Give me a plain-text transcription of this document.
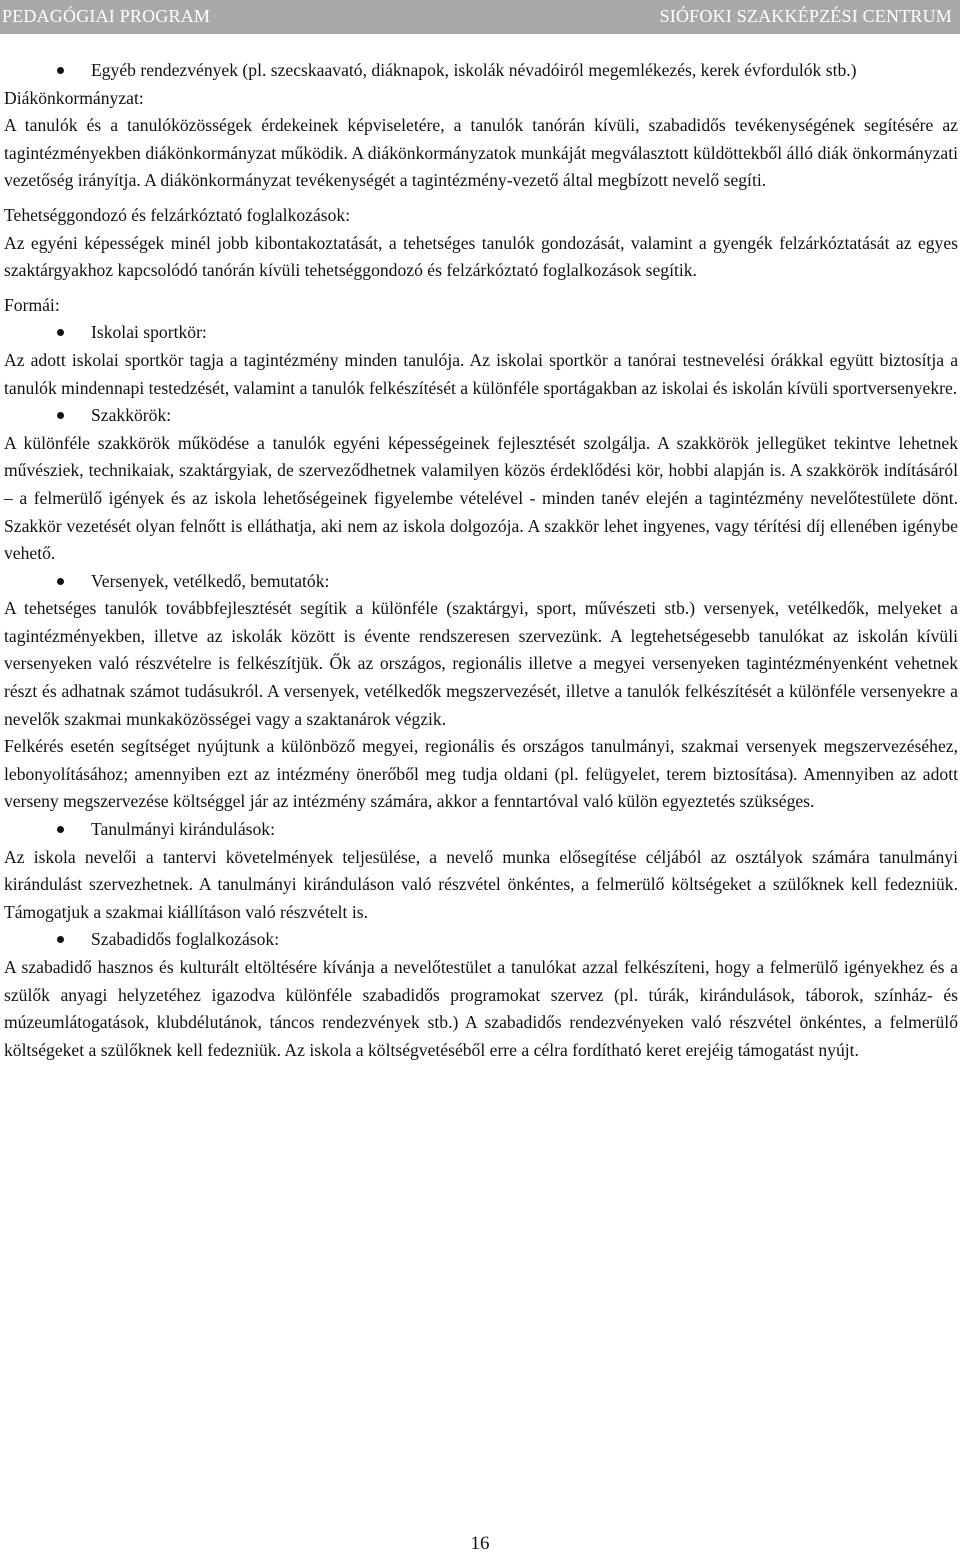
PEDAGÓGIAI PROGRAM	SIÓFOKI SZAKKÉPZÉSI CENTRUM

Egyéb rendezvények (pl. szecskaavató, diáknapok, iskolák névadóiról megemlékezés, kerek évfordulók stb.)

Diákönkormányzat:

A tanulók és a tanulóközösségek érdekeinek képviseletére, a tanulók tanórán kívüli, szabadidős tevékenységének segítésére az tagintézményekben diákönkormányzat működik. A diákönkormányzatok munkáját megválasztott küldöttekből álló diák önkormányzati vezetőség irányítja. A diákönkormányzat tevékenységét a tagintézmény-vezető által megbízott nevelő segíti.

Tehetséggondozó és felzárkóztató foglalkozások:

Az egyéni képességek minél jobb kibontakoztatását, a tehetséges tanulók gondozását, valamint a gyengék felzárkóztatását az egyes szaktárgyakhoz kapcsolódó tanórán kívüli tehetséggondozó és felzárkóztató foglalkozások segítik.

Formái:

Iskolai sportkör:

Az adott iskolai sportkör tagja a tagintézmény minden tanulója. Az iskolai sportkör a tanórai testnevelési órákkal együtt biztosítja a tanulók mindennapi testedzését, valamint a tanulók felkészítését a különféle sportágakban az iskolai és iskolán kívüli sportversenyekre.

Szakkörök:

A különféle szakkörök működése a tanulók egyéni képességeinek fejlesztését szolgálja. A szakkörök jellegüket tekintve lehetnek művésziek, technikaiak, szaktárgyiak, de szerveződhetnek valamilyen közös érdeklődési kör, hobbi alapján is. A szakkörök indításáról – a felmerülő igények és az iskola lehetőségeinek figyelembe vételével - minden tanév elején a tagintézmény nevelőtestülete dönt. Szakkör vezetését olyan felnőtt is elláthatja, aki nem az iskola dolgozója. A szakkör lehet ingyenes, vagy térítési díj ellenében igénybe vehető.

Versenyek, vetélkedő, bemutatók:

A tehetséges tanulók továbbfejlesztését segítik a különféle (szaktárgyi, sport, művészeti stb.) versenyek, vetélkedők, melyeket a tagintézményekben, illetve az iskolák között is évente rendszeresen szervezünk. A legtehetségesebb tanulókat az iskolán kívüli versenyeken való részvételre is felkészítjük. Ők az országos, regionális illetve a megyei versenyeken tagintézményenként vehetnek részt és adhatnak számot tudásukról. A versenyek, vetélkedők megszervezését, illetve a tanulók felkészítését a különféle versenyekre a nevelők szakmai munkaközösségei vagy a szaktanárok végzik.

Felkérés esetén segítséget nyújtunk a különböző megyei, regionális és országos tanulmányi, szakmai versenyek megszervezéséhez, lebonyolításához; amennyiben ezt az intézmény önerőből meg tudja oldani (pl. felügyelet, terem biztosítása). Amennyiben az adott verseny megszervezése költséggel jár az intézmény számára, akkor a fenntartóval való külön egyeztetés szükséges.

Tanulmányi kirándulások:

Az iskola nevelői a tantervi követelmények teljesülése, a nevelő munka elősegítése céljából az osztályok számára tanulmányi kirándulást szervezhetnek. A tanulmányi kiránduláson való részvétel önkéntes, a felmerülő költségeket a szülőknek kell fedezniük. Támogatjuk a szakmai kiállításon való részvételt is.

Szabadidős foglalkozások:

A szabadidő hasznos és kulturált eltöltésére kívánja a nevelőtestület a tanulókat azzal felkészíteni, hogy a felmerülő igényekhez és a szülők anyagi helyzetéhez igazodva különféle szabadidős programokat szervez (pl. túrák, kirándulások, táborok, színház- és múzeumlátogatások, klubdélutánok, táncos rendezvények stb.) A szabadidős rendezvényeken való részvétel önkéntes, a felmerülő költségeket a szülőknek kell fedezniük. Az iskola a költségvetéséből erre a célra fordítható keret erejéig támogatást nyújt.

16
